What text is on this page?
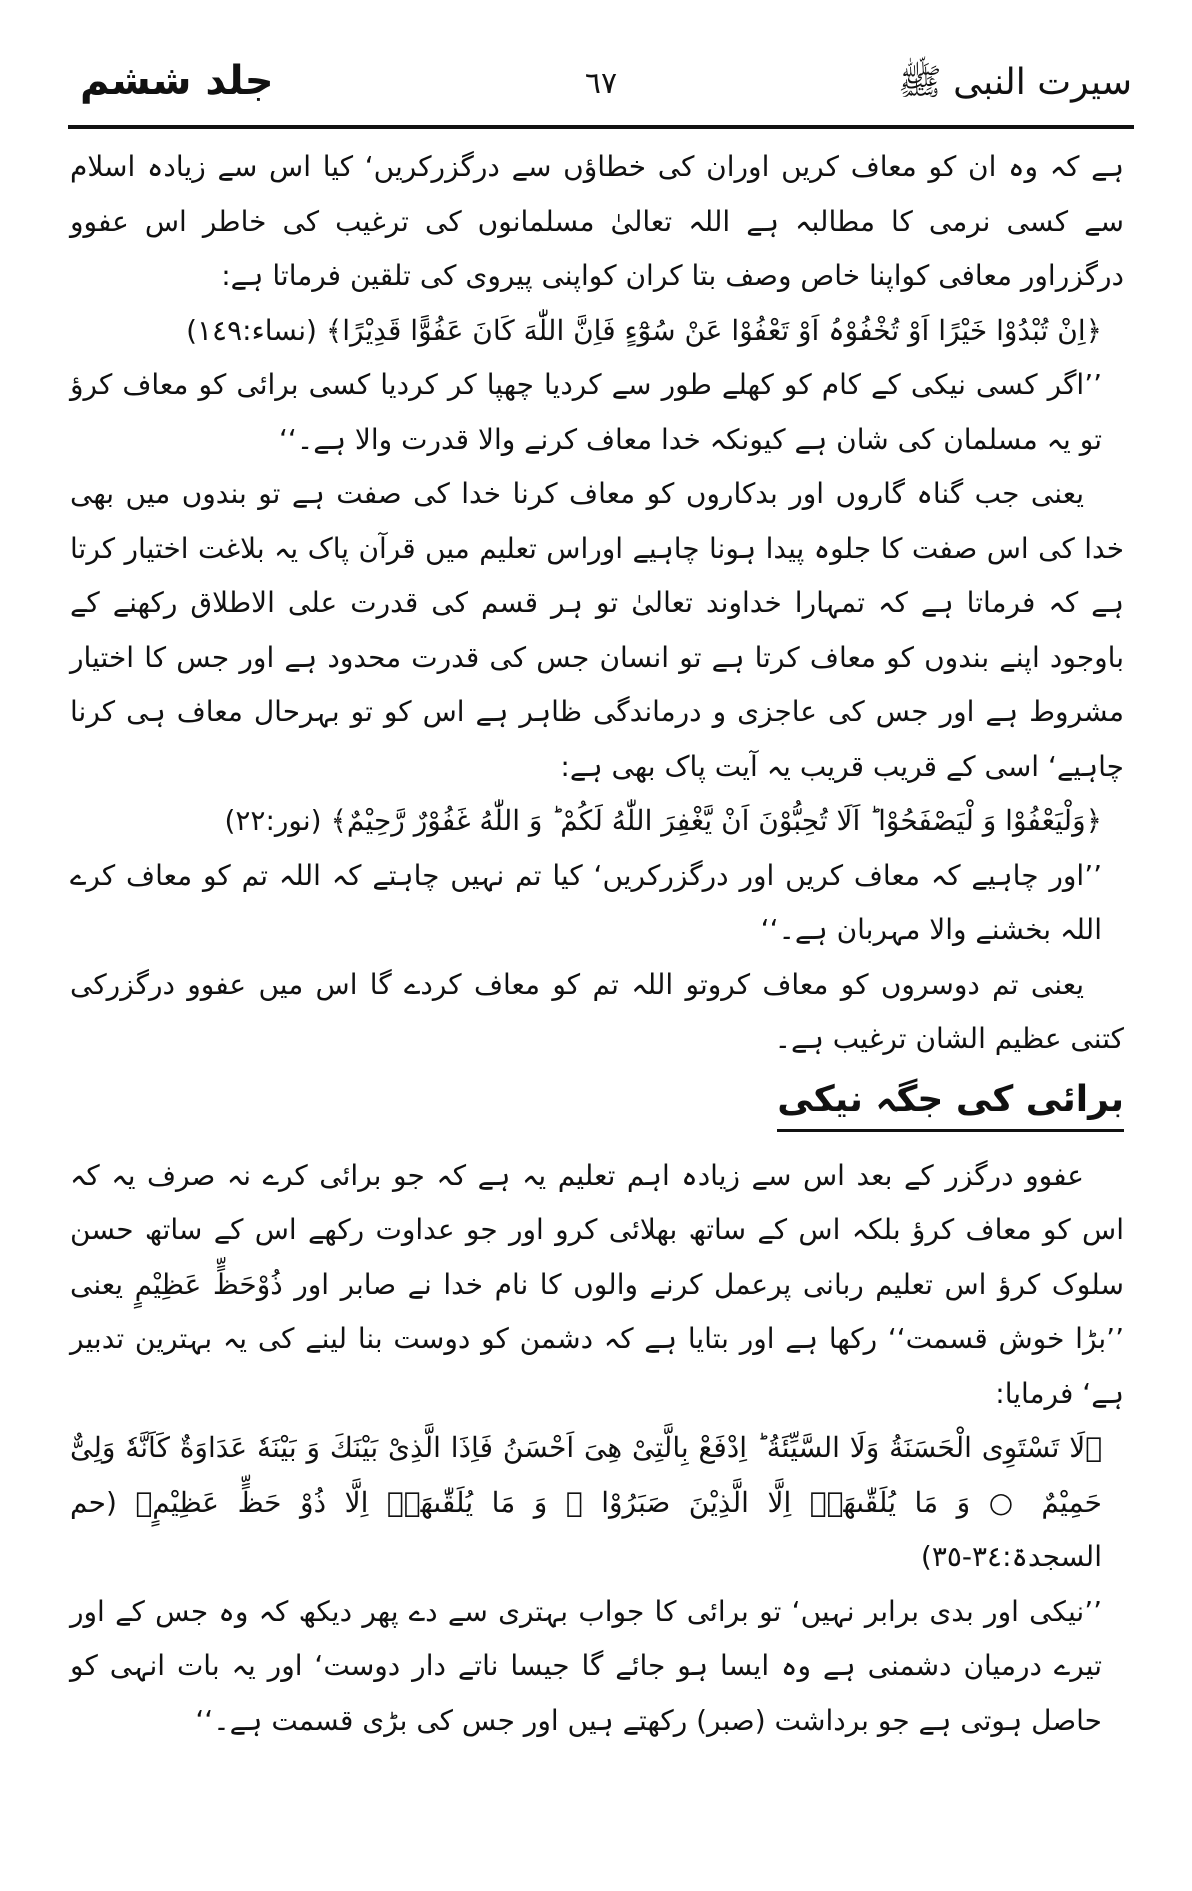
جلد ششم	٦٧	سیرت النبی ﷺ

ہے کہ وہ ان کو معاف کریں اوران کی خطاؤں سے درگزرکریں‘ کیا اس سے زیادہ اسلام سے کسی نرمی کا مطالبہ ہے اللہ تعالیٰ مسلمانوں کی ترغیب کی خاطر اس عفوو درگزراور معافی کواپنا خاص وصف بتا کران کواپنی پیروی کی تلقین فرماتا ہے:

﴿اِنْ تُبْدُوْا خَیْرًا اَوْ تُخْفُوْہُ اَوْ تَعْفُوْا عَنْ سُوْٓءٍ فَاِنَّ اللّٰهَ كَانَ عَفُوًّا قَدِیْرًا﴾ (نساء:١٤٩)

’’اگر کسی نیکی کے کام کو کھلے طور سے کردیا چھپا کر کردیا کسی برائی کو معاف کرؤ تو یہ مسلمان کی شان ہے کیونکہ خدا معاف کرنے والا قدرت والا ہے۔‘‘

یعنی جب گناہ گاروں اور بدکاروں کو معاف کرنا خدا کی صفت ہے تو بندوں میں بھی خدا کی اس صفت کا جلوہ پیدا ہونا چاہیے اوراس تعلیم میں قرآن پاک یہ بلاغت اختیار کرتا ہے کہ فرماتا ہے کہ تمہارا خداوند تعالیٰ تو ہر قسم کی قدرت علی الاطلاق رکھنے کے باوجود اپنے بندوں کو معاف کرتا ہے تو انسان جس کی قدرت محدود ہے اور جس کا اختیار مشروط ہے اور جس کی عاجزی و درماندگی ظاہر ہے اس کو تو بہرحال معاف ہی کرنا چاہیے‘ اسی کے قریب قریب یہ آیت پاک بھی ہے:

﴿وَلْیَعْفُوْا وَ لْیَصْفَحُوْا ؕ اَلَا تُحِبُّوْنَ اَنْ یَّغْفِرَ اللّٰهُ لَكُمْ ؕ وَ اللّٰهُ غَفُوْرٌ رَّحِیْمٌ﴾ (نور:٢٢)

’’اور چاہیے کہ معاف کریں اور درگزرکریں‘ کیا تم نہیں چاہتے کہ اللہ تم کو معاف کرے اللہ بخشنے والا مہربان ہے۔‘‘

یعنی تم دوسروں کو معاف کروتو اللہ تم کو معاف کردے گا اس میں عفوو درگزرکی کتنی عظیم الشان ترغیب ہے۔

برائی کی جگہ نیکی

عفوو درگزر کے بعد اس سے زیادہ اہم تعلیم یہ ہے کہ جو برائی کرے نہ صرف یہ کہ اس کو معاف کرؤ بلکہ اس کے ساتھ بھلائی کرو اور جو عداوت رکھے اس کے ساتھ حسن سلوک کرؤ اس تعلیم ربانی پرعمل کرنے والوں کا نام خدا نے صابر اور ذُوْحَظٍّ عَظِیْمٍ یعنی ’’بڑا خوش قسمت‘‘ رکھا ہے اور بتایا ہے کہ دشمن کو دوست بنا لینے کی یہ بہترین تدبیر ہے‘ فرمایا:

﴿لَا تَسْتَوِی الْحَسَنَةُ وَلَا السَّیِّئَةُ ؕ اِدْفَعْ بِالَّتِیْ هِیَ اَحْسَنُ فَاِذَا الَّذِیْ بَیْنَكَ وَ بَیْنَهٗ عَدَاوَةٌ كَاَنَّهٗ وَلِیٌّ حَمِیْمٌ ○ وَ مَا یُلَقّٰىهَاۤ اِلَّا الَّذِیْنَ صَبَرُوْا ۚ وَ مَا یُلَقّٰىهَاۤ اِلَّا ذُوْ حَظٍّ عَظِیْمٍ﴾ (حم السجدۃ:٣٤-٣٥)

’’نیکی اور بدی برابر نہیں‘ تو برائی کا جواب بہتری سے دے پھر دیکھ کہ وہ جس کے اور تیرے درمیان دشمنی ہے وہ ایسا ہو جائے گا جیسا ناتے دار دوست‘ اور یہ بات انہی کو حاصل ہوتی ہے جو برداشت (صبر) رکھتے ہیں اور جس کی بڑی قسمت ہے۔‘‘
